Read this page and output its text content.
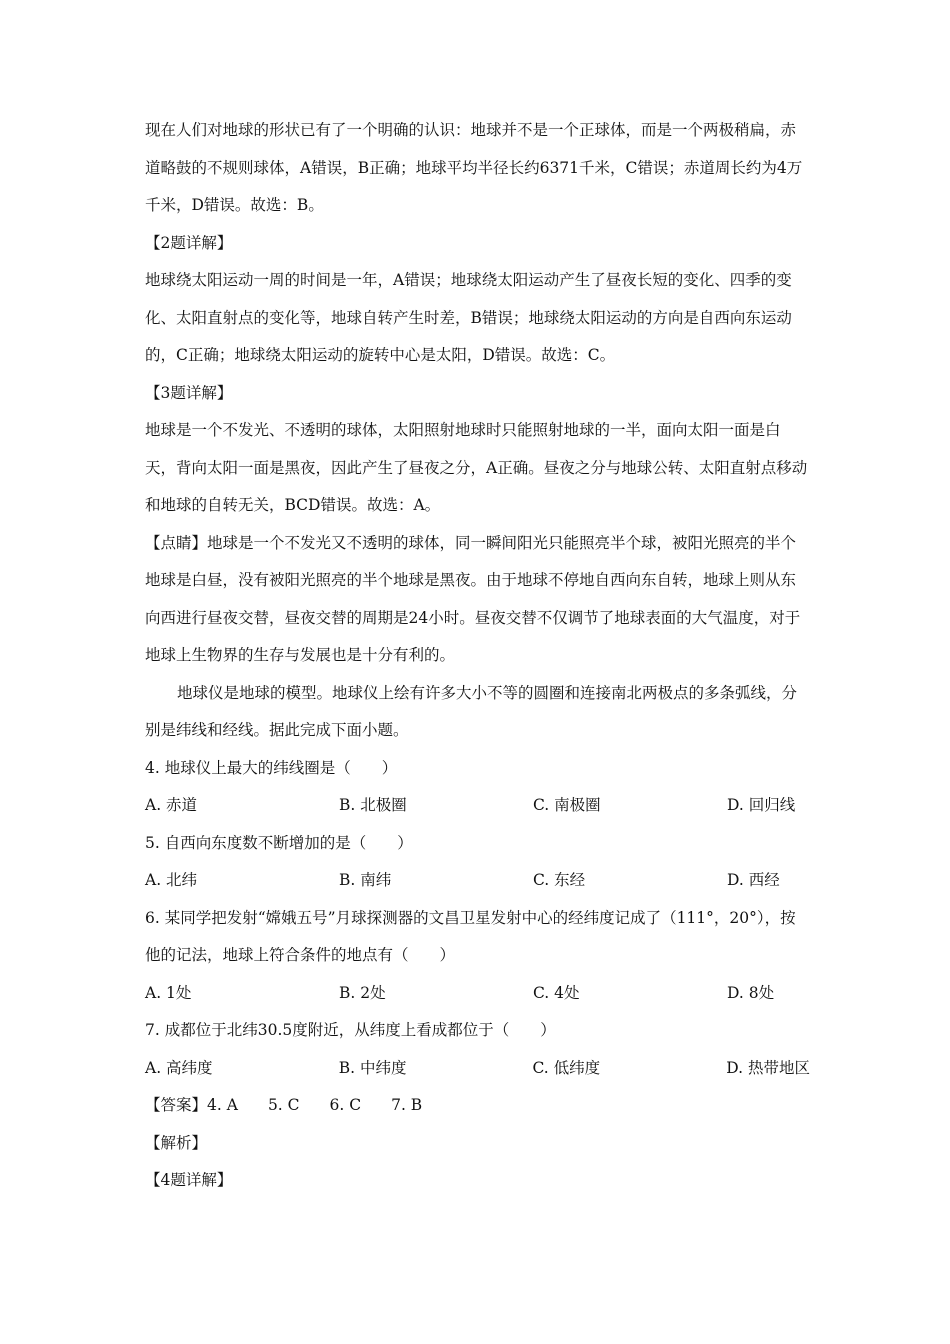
现在人们对地球的形状已有了一个明确的认识：地球并不是一个正球体，而是一个两极稍扁，赤道略鼓的不规则球体，A错误，B正确；地球平均半径长约6371千米，C错误；赤道周长约为4万千米，D错误。故选：B。

【2题详解】

地球绕太阳运动一周的时间是一年，A错误；地球绕太阳运动产生了昼夜长短的变化、四季的变化、太阳直射点的变化等，地球自转产生时差，B错误；地球绕太阳运动的方向是自西向东运动的，C正确；地球绕太阳运动的旋转中心是太阳，D错误。故选：C。

【3题详解】

地球是一个不发光、不透明的球体，太阳照射地球时只能照射地球的一半，面向太阳一面是白天，背向太阳一面是黑夜，因此产生了昼夜之分，A正确。昼夜之分与地球公转、太阳直射点移动和地球的自转无关，BCD错误。故选：A。

【点睛】地球是一个不发光又不透明的球体，同一瞬间阳光只能照亮半个球，被阳光照亮的半个地球是白昼，没有被阳光照亮的半个地球是黑夜。由于地球不停地自西向东自转，地球上则从东向西进行昼夜交替，昼夜交替的周期是24小时。昼夜交替不仅调节了地球表面的大气温度，对于地球上生物界的生存与发展也是十分有利的。

地球仪是地球的模型。地球仪上绘有许多大小不等的圆圈和连接南北两极点的多条弧线，分别是纬线和经线。据此完成下面小题。

4. 地球仪上最大的纬线圈是（　　）

A. 赤道	B. 北极圈	C. 南极圈	D. 回归线

5. 自西向东度数不断增加的是（　　）

A. 北纬	B. 南纬	C. 东经	D. 西经

6. 某同学把发射“嫦娥五号”月球探测器的文昌卫星发射中心的经纬度记成了（111°，20°），按他的记法，地球上符合条件的地点有（　　）

A. 1处	B. 2处	C. 4处	D. 8处

7. 成都位于北纬30.5度附近，从纬度上看成都位于（　　）

A. 高纬度	B. 中纬度	C. 低纬度	D. 热带地区

【答案】4. A 5. C 6. C 7. B

【解析】

【4题详解】
